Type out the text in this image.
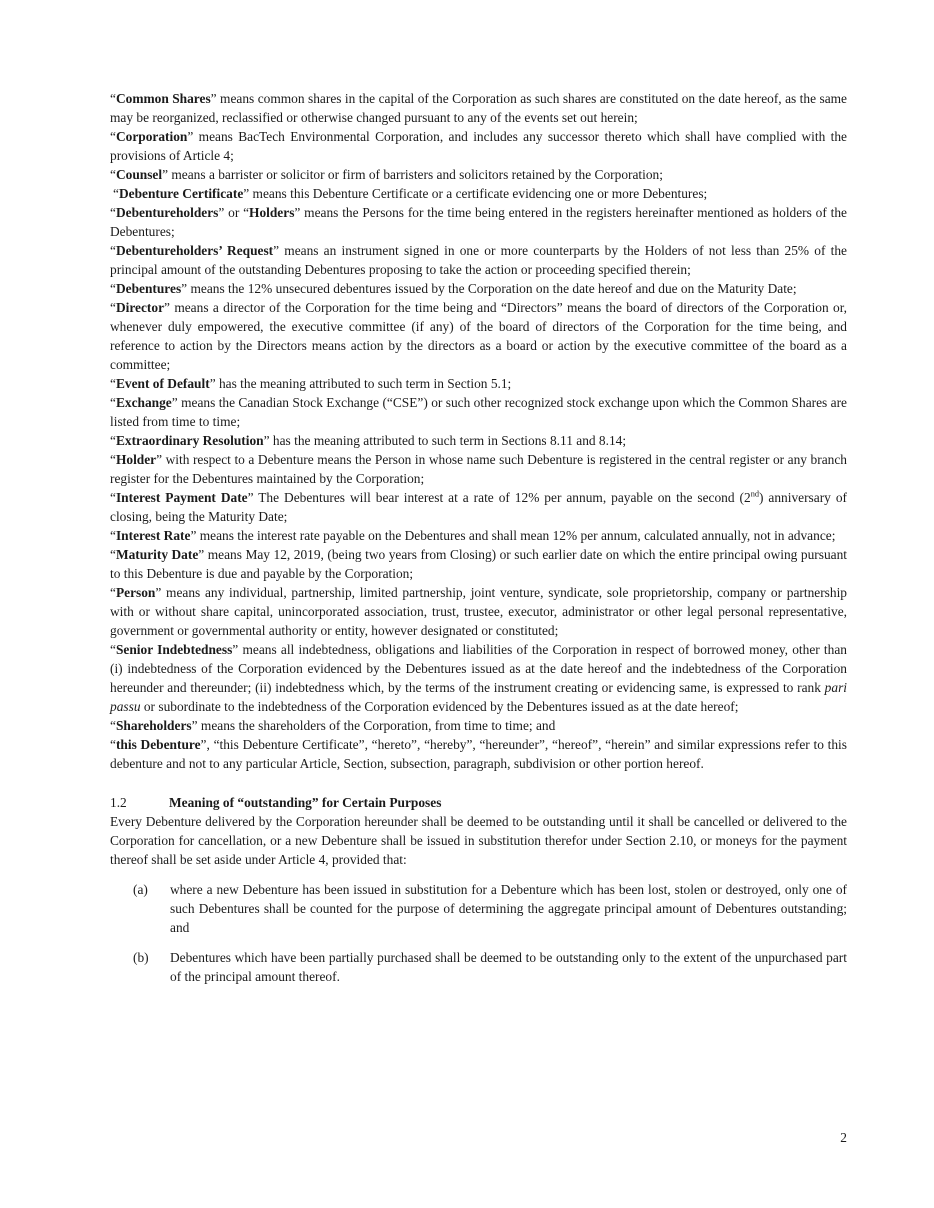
“Common Shares” means common shares in the capital of the Corporation as such shares are constituted on the date hereof, as the same may be reorganized, reclassified or otherwise changed pursuant to any of the events set out herein;

“Corporation” means BacTech Environmental Corporation, and includes any successor thereto which shall have complied with the provisions of Article 4;

“Counsel” means a barrister or solicitor or firm of barristers and solicitors retained by the Corporation;

“Debenture Certificate” means this Debenture Certificate or a certificate evidencing one or more Debentures;

“Debentureholders” or “Holders” means the Persons for the time being entered in the registers hereinafter mentioned as holders of the Debentures;

“Debentureholders’ Request” means an instrument signed in one or more counterparts by the Holders of not less than 25% of the principal amount of the outstanding Debentures proposing to take the action or proceeding specified therein;

“Debentures” means the 12% unsecured debentures issued by the Corporation on the date hereof and due on the Maturity Date;

“Director” means a director of the Corporation for the time being and “Directors” means the board of directors of the Corporation or, whenever duly empowered, the executive committee (if any) of the board of directors of the Corporation for the time being, and reference to action by the Directors means action by the directors as a board or action by the executive committee of the board as a committee;

“Event of Default” has the meaning attributed to such term in Section 5.1;

“Exchange” means the Canadian Stock Exchange (“CSE”) or such other recognized stock exchange upon which the Common Shares are listed from time to time;

“Extraordinary Resolution” has the meaning attributed to such term in Sections 8.11 and 8.14;

“Holder” with respect to a Debenture means the Person in whose name such Debenture is registered in the central register or any branch register for the Debentures maintained by the Corporation;

“Interest Payment Date” The Debentures will bear interest at a rate of 12% per annum, payable on the second (2nd) anniversary of closing, being the Maturity Date;

“Interest Rate” means the interest rate payable on the Debentures and shall mean 12% per annum, calculated annually, not in advance;

“Maturity Date” means May 12, 2019, (being two years from Closing) or such earlier date on which the entire principal owing pursuant to this Debenture is due and payable by the Corporation;

“Person” means any individual, partnership, limited partnership, joint venture, syndicate, sole proprietorship, company or partnership with or without share capital, unincorporated association, trust, trustee, executor, administrator or other legal personal representative, government or governmental authority or entity, however designated or constituted;

“Senior Indebtedness” means all indebtedness, obligations and liabilities of the Corporation in respect of borrowed money, other than (i) indebtedness of the Corporation evidenced by the Debentures issued as at the date hereof and the indebtedness of the Corporation hereunder and thereunder; (ii) indebtedness which, by the terms of the instrument creating or evidencing same, is expressed to rank pari passu or subordinate to the indebtedness of the Corporation evidenced by the Debentures issued as at the date hereof;

“Shareholders” means the shareholders of the Corporation, from time to time; and

“this Debenture”, “this Debenture Certificate”, “hereto”, “hereby”, “hereunder”, “hereof”, “herein” and similar expressions refer to this debenture and not to any particular Article, Section, subsection, paragraph, subdivision or other portion hereof.

1.2	Meaning of “outstanding” for Certain Purposes

Every Debenture delivered by the Corporation hereunder shall be deemed to be outstanding until it shall be cancelled or delivered to the Corporation for cancellation, or a new Debenture shall be issued in substitution therefor under Section 2.10, or moneys for the payment thereof shall be set aside under Article 4, provided that:

(a)	where a new Debenture has been issued in substitution for a Debenture which has been lost, stolen or destroyed, only one of such Debentures shall be counted for the purpose of determining the aggregate principal amount of Debentures outstanding; and
(b)	Debentures which have been partially purchased shall be deemed to be outstanding only to the extent of the unpurchased part of the principal amount thereof.
2
